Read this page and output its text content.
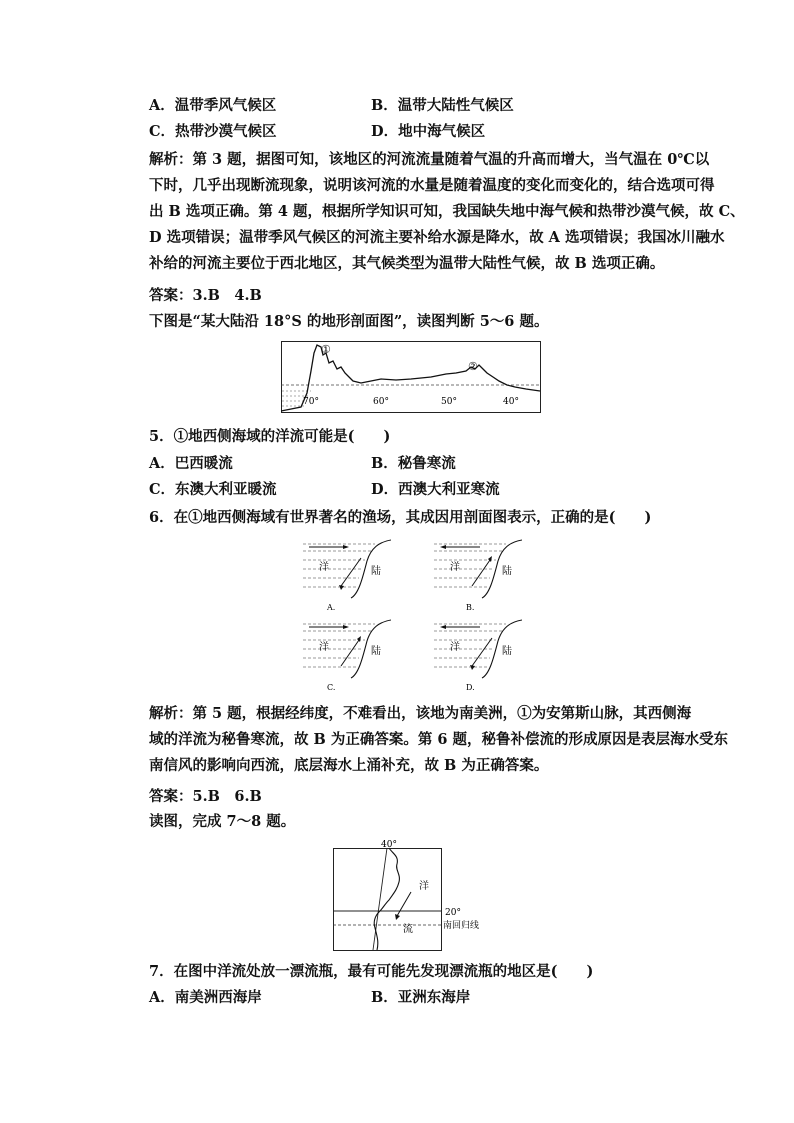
A．温带季风气候区	B．温带大陆性气候区
C．热带沙漠气候区	D．地中海气候区
解析：第 3 题，据图可知，该地区的河流流量随着气温的升高而增大，当气温在 0℃以
下时，几乎出现断流现象，说明该河流的水量是随着温度的变化而变化的，结合选项可得
出 B 选项正确。第 4 题，根据所学知识可知，我国缺失地中海气候和热带沙漠气候，故 C、
D 选项错误；温带季风气候区的河流主要补给水源是降水，故 A 选项错误；我国冰川融水
补给的河流主要位于西北地区，其气候类型为温带大陆性气候，故 B 选项正确。
答案：3.B　4.B
下图是“某大陆沿 18°S 的地形剖面图”，读图判断 5～6 题。
①
②
70°	60°	50°	40°
5．①地西侧海域的洋流可能是(　　)
A．巴西暖流	B．秘鲁寒流
C．东澳大利亚暖流	D．西澳大利亚寒流
6．在①地西侧海域有世界著名的渔场，其成因用剖面图表示，正确的是(　　)
洋	陆
A.
洋	陆
B.
洋	陆
C.
洋	陆
D.
解析：第 5 题，根据经纬度，不难看出，该地为南美洲，①为安第斯山脉，其西侧海
域的洋流为秘鲁寒流，故 B 为正确答案。第 6 题，秘鲁补偿流的形成原因是表层海水受东
南信风的影响向西流，底层海水上涌补充，故 B 为正确答案。
答案：5.B　6.B
读图，完成 7～8 题。
40°
洋
流
20°
南回归线
7．在图中洋流处放一漂流瓶，最有可能先发现漂流瓶的地区是(　　)
A．南美洲西海岸	B．亚洲东海岸
